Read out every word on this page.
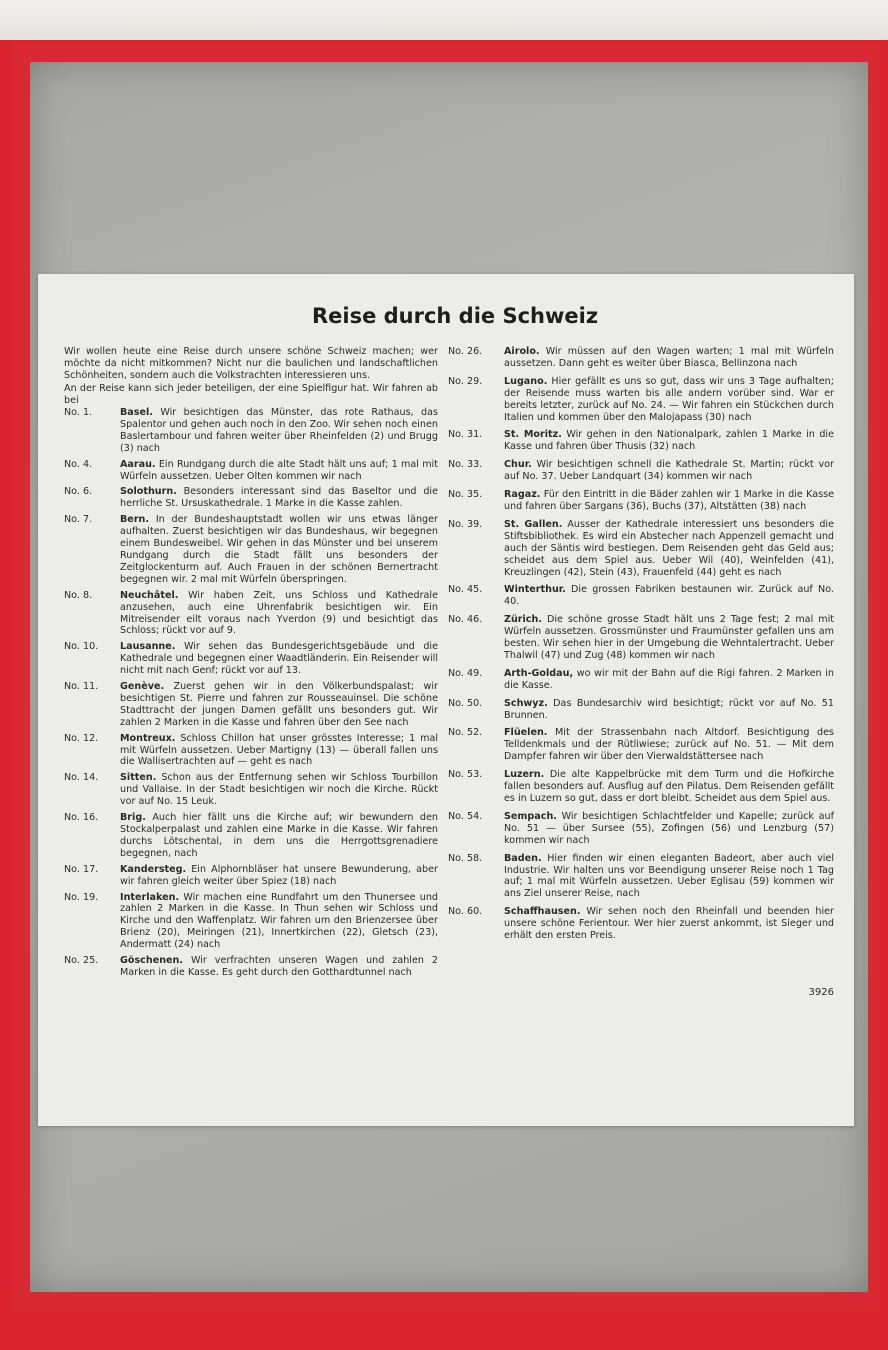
Reise durch die Schweiz

Wir wollen heute eine Reise durch unsere schöne Schweiz machen; wer möchte da nicht mitkommen? Nicht nur die baulichen und landschaftlichen Schönheiten, sondern auch die Volkstrachten interessieren uns.

An der Reise kann sich jeder beteiligen, der eine Spielfigur hat. Wir fahren ab bei

No. 1.	Basel. Wir besichtigen das Münster, das rote Rathaus, das Spalentor und gehen auch noch in den Zoo. Wir sehen noch einen Baslertambour und fahren weiter über Rheinfelden (2) und Brugg (3) nach
No. 4.	Aarau. Ein Rundgang durch die alte Stadt hält uns auf; 1 mal mit Würfeln aussetzen. Ueber Olten kommen wir nach
No. 6.	Solothurn. Besonders interessant sind das Baseltor und die herrliche St. Ursuskathedrale. 1 Marke in die Kasse zahlen.
No. 7.	Bern. In der Bundeshauptstadt wollen wir uns etwas länger aufhalten. Zuerst besichtigen wir das Bundeshaus, wir begegnen einem Bundesweibel. Wir gehen in das Münster und bei unserem Rundgang durch die Stadt fällt uns besonders der Zeitglockenturm auf. Auch Frauen in der schönen Bernertracht begegnen wir. 2 mal mit Würfeln überspringen.
No. 8.	Neuchâtel. Wir haben Zeit, uns Schloss und Kathedrale anzusehen, auch eine Uhrenfabrik besichtigen wir. Ein Mitreisender eilt voraus nach Yverdon (9) und besichtigt das Schloss; rückt vor auf 9.
No. 10.	Lausanne. Wir sehen das Bundesgerichtsgebäude und die Kathedrale und begegnen einer Waadtländerin. Ein Reisender will nicht mit nach Genf; rückt vor auf 13.
No. 11.	Genève. Zuerst gehen wir in den Völkerbundspalast; wir besichtigen St. Pierre und fahren zur Rousseauinsel. Die schöne Stadttracht der jungen Damen gefällt uns besonders gut. Wir zahlen 2 Marken in die Kasse und fahren über den See nach
No. 12.	Montreux. Schloss Chillon hat unser grösstes Interesse; 1 mal mit Würfeln aussetzen. Ueber Martigny (13) — überall fallen uns die Wallisertrachten auf — geht es nach
No. 14.	Sitten. Schon aus der Entfernung sehen wir Schloss Tourbillon und Vallaise. In der Stadt besichtigen wir noch die Kirche. Rückt vor auf No. 15 Leuk.
No. 16.	Brig. Auch hier fällt uns die Kirche auf; wir bewundern den Stockalperpalast und zahlen eine Marke in die Kasse. Wir fahren durchs Lötschental, in dem uns die Herrgottsgrenadiere begegnen, nach
No. 17.	Kandersteg. Ein Alphornbläser hat unsere Bewunderung, aber wir fahren gleich weiter über Spiez (18) nach
No. 19.	Interlaken. Wir machen eine Rundfahrt um den Thunersee und zahlen 2 Marken in die Kasse. In Thun sehen wir Schloss und Kirche und den Waffenplatz. Wir fahren um den Brienzersee über Brienz (20), Meiringen (21), Innertkirchen (22), Gletsch (23), Andermatt (24) nach
No. 25.	Göschenen. Wir verfrachten unseren Wagen und zahlen 2 Marken in die Kasse. Es geht durch den Gotthardtunnel nach
No. 26.	Airolo. Wir müssen auf den Wagen warten; 1 mal mit Würfeln aussetzen. Dann geht es weiter über Biasca, Bellinzona nach
No. 29.	Lugano. Hier gefällt es uns so gut, dass wir uns 3 Tage aufhalten; der Reisende muss warten bis alle andern vorüber sind. War er bereits letzter, zurück auf No. 24. — Wir fahren ein Stückchen durch Italien und kommen über den Malojapass (30) nach
No. 31.	St. Moritz. Wir gehen in den Nationalpark, zahlen 1 Marke in die Kasse und fahren über Thusis (32) nach
No. 33.	Chur. Wir besichtigen schnell die Kathedrale St. Martin; rückt vor auf No. 37. Ueber Landquart (34) kommen wir nach
No. 35.	Ragaz. Für den Eintritt in die Bäder zahlen wir 1 Marke in die Kasse und fahren über Sargans (36), Buchs (37), Altstätten (38) nach
No. 39.	St. Gallen. Ausser der Kathedrale interessiert uns besonders die Stiftsbibliothek. Es wird ein Abstecher nach Appenzell gemacht und auch der Säntis wird bestiegen. Dem Reisenden geht das Geld aus; scheidet aus dem Spiel aus. Ueber Wil (40), Weinfelden (41), Kreuzlingen (42), Stein (43), Frauenfeld (44) geht es nach
No. 45.	Winterthur. Die grossen Fabriken bestaunen wir. Zurück auf No. 40.
No. 46.	Zürich. Die schöne grosse Stadt hält uns 2 Tage fest; 2 mal mit Würfeln aussetzen. Grossmünster und Fraumünster gefallen uns am besten. Wir sehen hier in der Umgebung die Wehntalertracht. Ueber Thalwil (47) und Zug (48) kommen wir nach
No. 49.	Arth-Goldau, wo wir mit der Bahn auf die Rigi fahren. 2 Marken in die Kasse.
No. 50.	Schwyz. Das Bundesarchiv wird besichtigt; rückt vor auf No. 51 Brunnen.
No. 52.	Flüelen. Mit der Strassenbahn nach Altdorf. Besichtigung des Telldenkmals und der Rütliwiese; zurück auf No. 51. — Mit dem Dampfer fahren wir über den Vierwaldstättersee nach
No. 53.	Luzern. Die alte Kappelbrücke mit dem Turm und die Hofkirche fallen besonders auf. Ausflug auf den Pilatus. Dem Reisenden gefällt es in Luzern so gut, dass er dort bleibt. Scheidet aus dem Spiel aus.
No. 54.	Sempach. Wir besichtigen Schlachtfelder und Kapelle; zurück auf No. 51 — über Sursee (55), Zofingen (56) und Lenzburg (57) kommen wir nach
No. 58.	Baden. Hier finden wir einen eleganten Badeort, aber auch viel Industrie. Wir halten uns vor Beendigung unserer Reise noch 1 Tag auf; 1 mal mit Würfeln aussetzen. Ueber Eglisau (59) kommen wir ans Ziel unserer Reise, nach
No. 60.	Schaffhausen. Wir sehen noch den Rheinfall und beenden hier unsere schöne Ferientour. Wer hier zuerst ankommt, ist Sieger und erhält den ersten Preis.
3926
